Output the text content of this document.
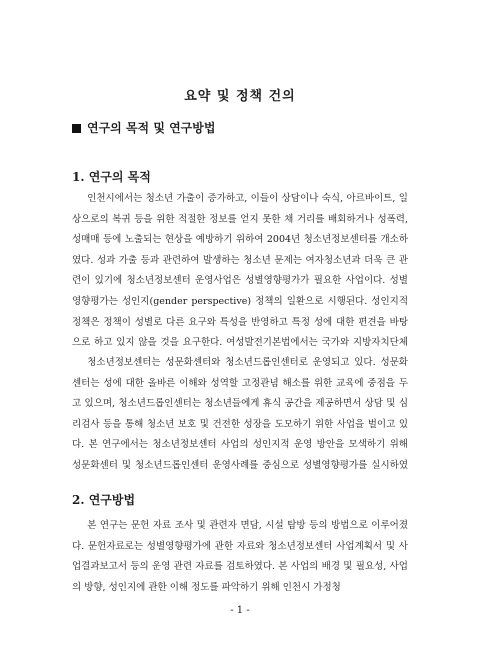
요약 및 정책 건의
연구의 목적 및 연구방법
1. 연구의 목적

인천시에서는 청소년 가출이 증가하고, 이들이 상담이나 숙식, 아르바이트, 일상으로의 복귀 등을 위한 적절한 정보를 얻지 못한 채 거리를 배회하거나 성폭력, 성매매 등에 노출되는 현상을 예방하기 위하여 2004년 청소년정보센터를 개소하였다. 성과 가출 등과 관련하여 발생하는 청소년 문제는 여자청소년과 더욱 큰 관련이 있기에 청소년정보센터 운영사업은 성별영향평가가 필요한 사업이다. 성별영향평가는 성인지(gender perspective) 정책의 일환으로 시행된다. 성인지적 정책은 정책이 성별로 다른 요구와 특성을 반영하고 특정 성에 대한 편견을 바탕으로 하고 있지 않을 것을 요구한다. 여성발전기본법에서는 국가와 지방자치단체

청소년정보센터는 성문화센터와 청소년드롭인센터로 운영되고 있다. 성문화센터는 성에 대한 올바른 이해와 성역할 고정관념 해소를 위한 교육에 중점을 두고 있으며, 청소년드롭인센터는 청소년들에게 휴식 공간을 제공하면서 상담 및 심리검사 등을 통해 청소년 보호 및 건전한 성장을 도모하기 위한 사업을 벌이고 있다. 본 연구에서는 청소년정보센터 사업의 성인지적 운영 방안을 모색하기 위해 성문화센터 및 청소년드롭인센터 운영사례를 중심으로 성별영향평가를 실시하였

2. 연구방법

본 연구는 문헌 자료 조사 및 관련자 면담, 시설 탐방 등의 방법으로 이루어졌다. 문헌자료로는 성별영향평가에 관한 자료와 청소년정보센터 사업계획서 및 사업결과보고서 등의 운영 관련 자료를 검토하였다. 본 사업의 배경 및 필요성, 사업의 방향, 성인지에 관한 이해 정도를 파악하기 위해 인천시 가정청

- 1 -
